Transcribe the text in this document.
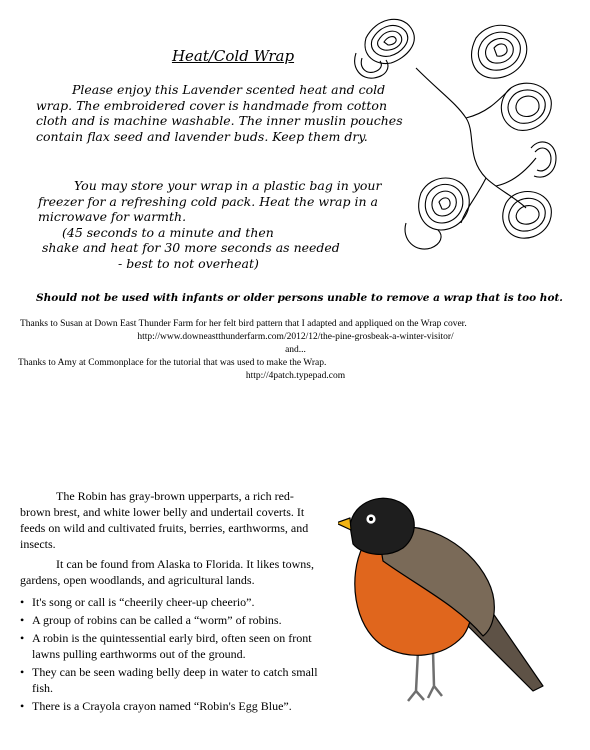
Heat/Cold Wrap

Please enjoy this Lavender scented heat and cold wrap. The embroidered cover is handmade from cotton cloth and is machine washable. The inner muslin pouches contain flax seed and lavender buds. Keep them dry.

You may store your wrap in a plastic bag in your freezer for a refreshing cold pack. Heat the wrap in a microwave for warmth.
(45 seconds to a minute and then
shake and heat for 30 more seconds as needed
- best to not overheat)

Should not be used with infants or older persons unable to remove a wrap that is too hot.
Thanks to Susan at Down East Thunder Farm for her felt bird pattern that I adapted and appliqued on the Wrap cover.
http://www.downeastthunderfarm.com/2012/12/the-pine-grosbeak-a-winter-visitor/
and...
Thanks to Amy at Commonplace for the tutorial that was used to make the Wrap.
http://4patch.typepad.com

The Robin has gray-brown upperparts, a rich red-brown brest, and white lower belly and undertail coverts. It feeds on wild and cultivated fruits, berries, earthworms, and insects.

It can be found from Alaska to Florida. It likes towns, gardens, open woodlands, and agricultural lands.

• It's song or call is “cheerily cheer-up cheerio”.
• A group of robins can be called a “worm” of robins.
• A robin is the quintessential early bird, often seen on front lawns pulling earthworms out of the ground.
• They can be seen wading belly deep in water to catch small fish.
• There is a Crayola crayon named “Robin's Egg Blue”.
